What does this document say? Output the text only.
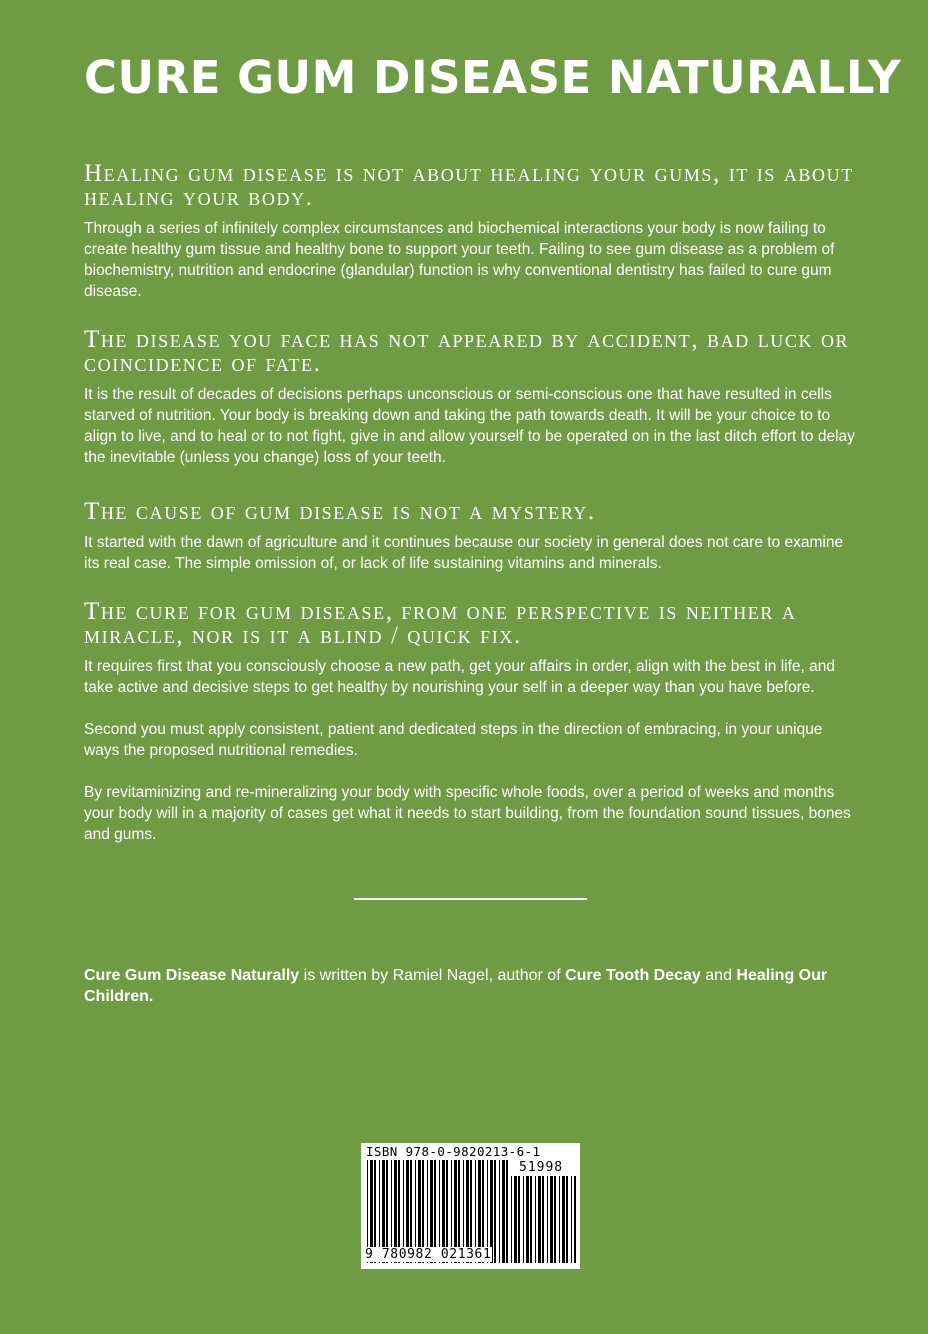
CURE GUM DISEASE NATURALLY
Healing gum disease is not about healing your gums, it is about healing your body.

Through a series of infinitely complex circumstances and biochemical interactions your body is now failing to create healthy gum tissue and healthy bone to support your teeth. Failing to see gum disease as a problem of biochemistry, nutrition and endocrine (glandular) function is why conventional dentistry has failed to cure gum disease.

The disease you face has not appeared by accident, bad luck or coincidence of fate.

It is the result of decades of decisions perhaps unconscious or semi-conscious one that have resulted in cells starved of nutrition. Your body is breaking down and taking the path towards death. It will be your choice to to align to live, and to heal or to not fight, give in and allow yourself to be operated on in the last ditch effort to delay the inevitable (unless you change) loss of your teeth.

The cause of gum disease is not a mystery.

It started with the dawn of agriculture and it continues because our society in general does not care to examine its real case. The simple omission of, or lack of life sustaining vitamins and minerals.

The cure for gum disease, from one perspective is neither a miracle, nor is it a blind / quick fix.

It requires first that you consciously choose a new path, get your affairs in order, align with the best in life, and take active and decisive steps to get healthy by nourishing your self in a deeper way than you have before.

Second you must apply consistent, patient and dedicated steps in the direction of embracing, in your unique ways the proposed nutritional remedies.

By revitaminizing and re-mineralizing your body with specific whole foods, over a period of weeks and months your body will in a majority of cases get what it needs to start building, from the foundation sound tissues, bones and gums.

Cure Gum Disease Naturally is written by Ramiel Nagel, author of Cure Tooth Decay and Healing Our Children.

ISBN 978-0-9820213-6-1
51998
9 780982 021361
